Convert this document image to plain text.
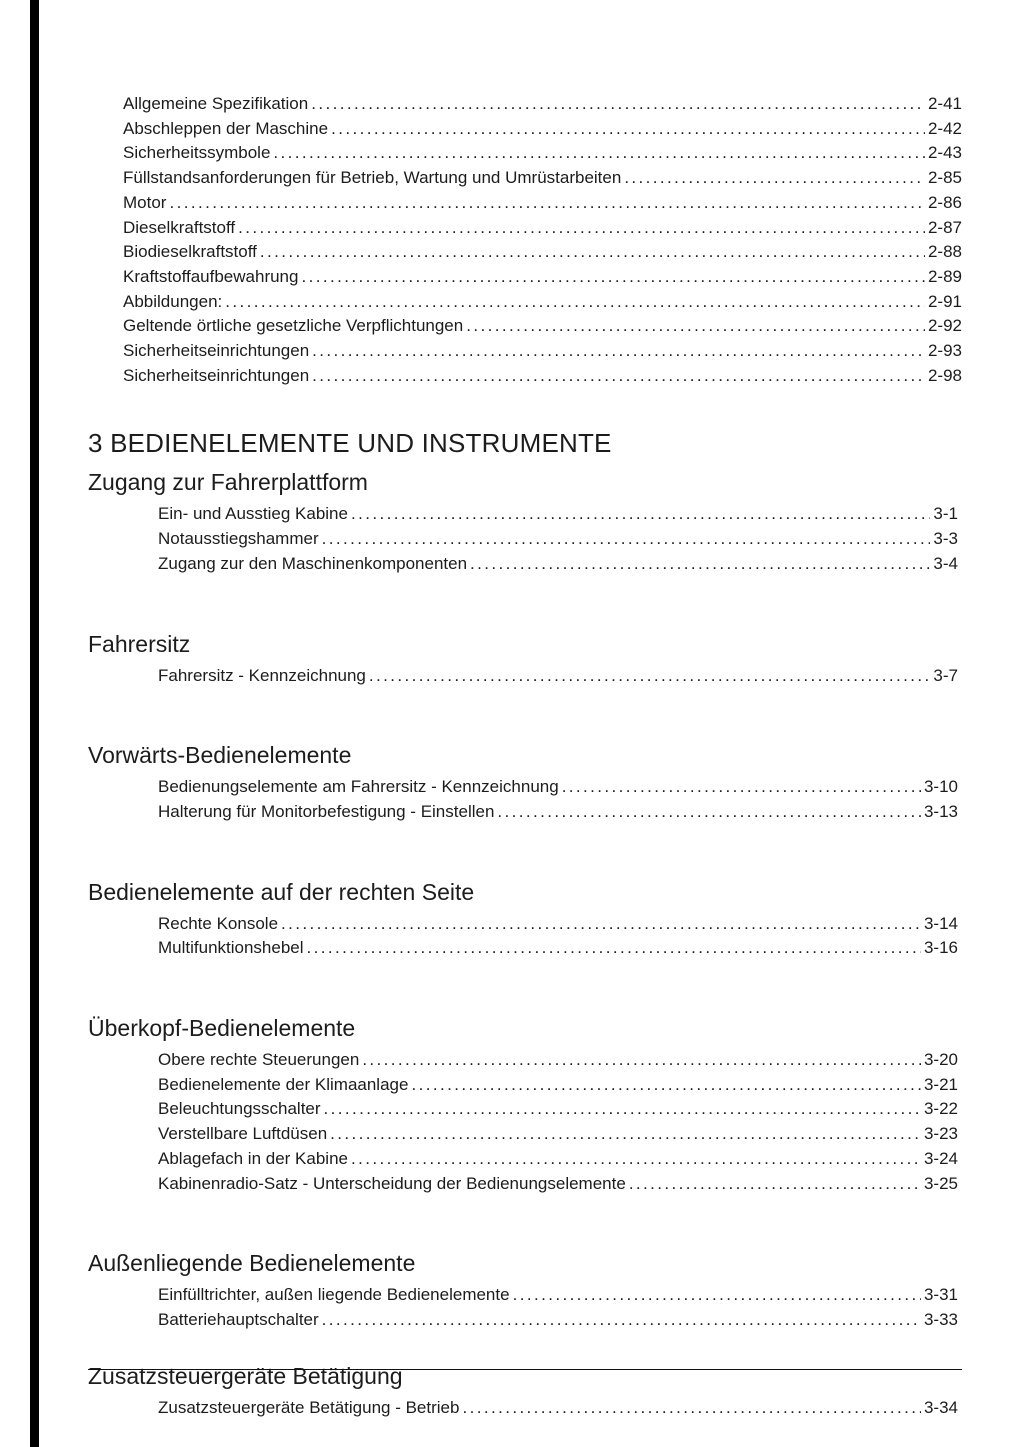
Allgemeine Spezifikation .....	2-41
Abschleppen der Maschine .....	2-42
Sicherheitssymbole .....	2-43
Füllstandsanforderungen für Betrieb, Wartung und Umrüstarbeiten .....	2-85
Motor .....	2-86
Dieselkraftstoff .....	2-87
Biodieselkraftstoff .....	2-88
Kraftstoffaufbewahrung .....	2-89
Abbildungen: .....	2-91
Geltende örtliche gesetzliche Verpflichtungen .....	2-92
Sicherheitseinrichtungen .....	2-93
Sicherheitseinrichtungen .....	2-98
3 BEDIENELEMENTE UND INSTRUMENTE
Zugang zur Fahrerplattform
Ein- und Ausstieg Kabine .....	3-1
Notausstiegshammer .....	3-3
Zugang zur den Maschinenkomponenten .....	3-4
Fahrersitz
Fahrersitz - Kennzeichnung .....	3-7
Vorwärts-Bedienelemente
Bedienungselemente am Fahrersitz - Kennzeichnung .....	3-10
Halterung für Monitorbefestigung - Einstellen .....	3-13
Bedienelemente auf der rechten Seite
Rechte Konsole .....	3-14
Multifunktionshebel .....	3-16
Überkopf-Bedienelemente
Obere rechte Steuerungen .....	3-20
Bedienelemente der Klimaanlage .....	3-21
Beleuchtungsschalter .....	3-22
Verstellbare Luftdüsen .....	3-23
Ablagefach in der Kabine .....	3-24
Kabinenradio-Satz - Unterscheidung der Bedienungselemente .....	3-25
Außenliegende Bedienelemente
Einfülltrichter, außen liegende Bedienelemente .....	3-31
Batteriehauptschalter .....	3-33
Zusatzsteuergeräte Betätigung
Zusatzsteuergeräte Betätigung - Betrieb .....	3-34
